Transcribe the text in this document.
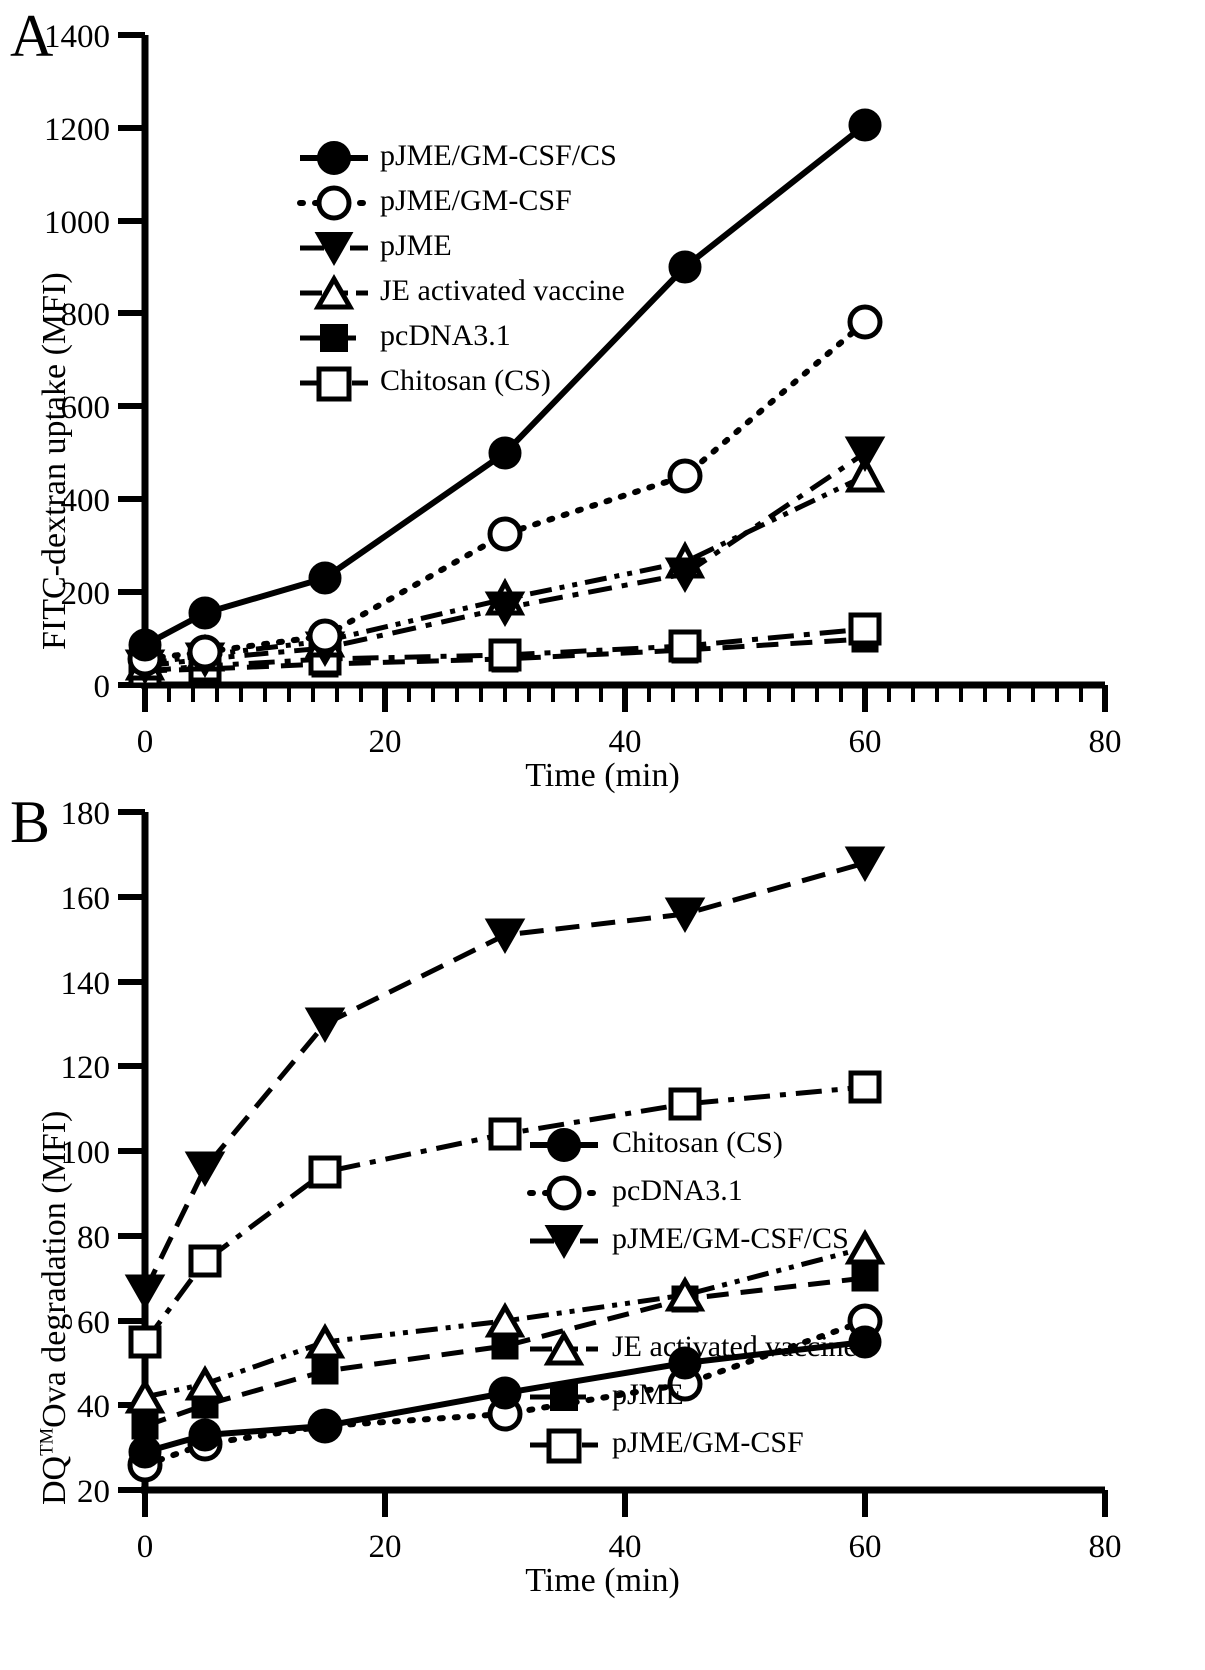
A
FITC-dextran uptake (MFI)
0
200
400
600
800
1000
1200
1400
0	20	40	60	80
pJME/GM-CSF/CS
pJME/GM-CSF
pJME
JE activated vaccine
pcDNA3.1
Chitosan (CS)
Time (min)
B
DQ™Ova degradation (MFI)
20
40
60
80
100
120
140
160
180
0	20	40	60	80
Chitosan (CS)
pcDNA3.1
pJME/GM-CSF/CS
JE activated vaccine
pJME
pJME/GM-CSF
Time (min)
